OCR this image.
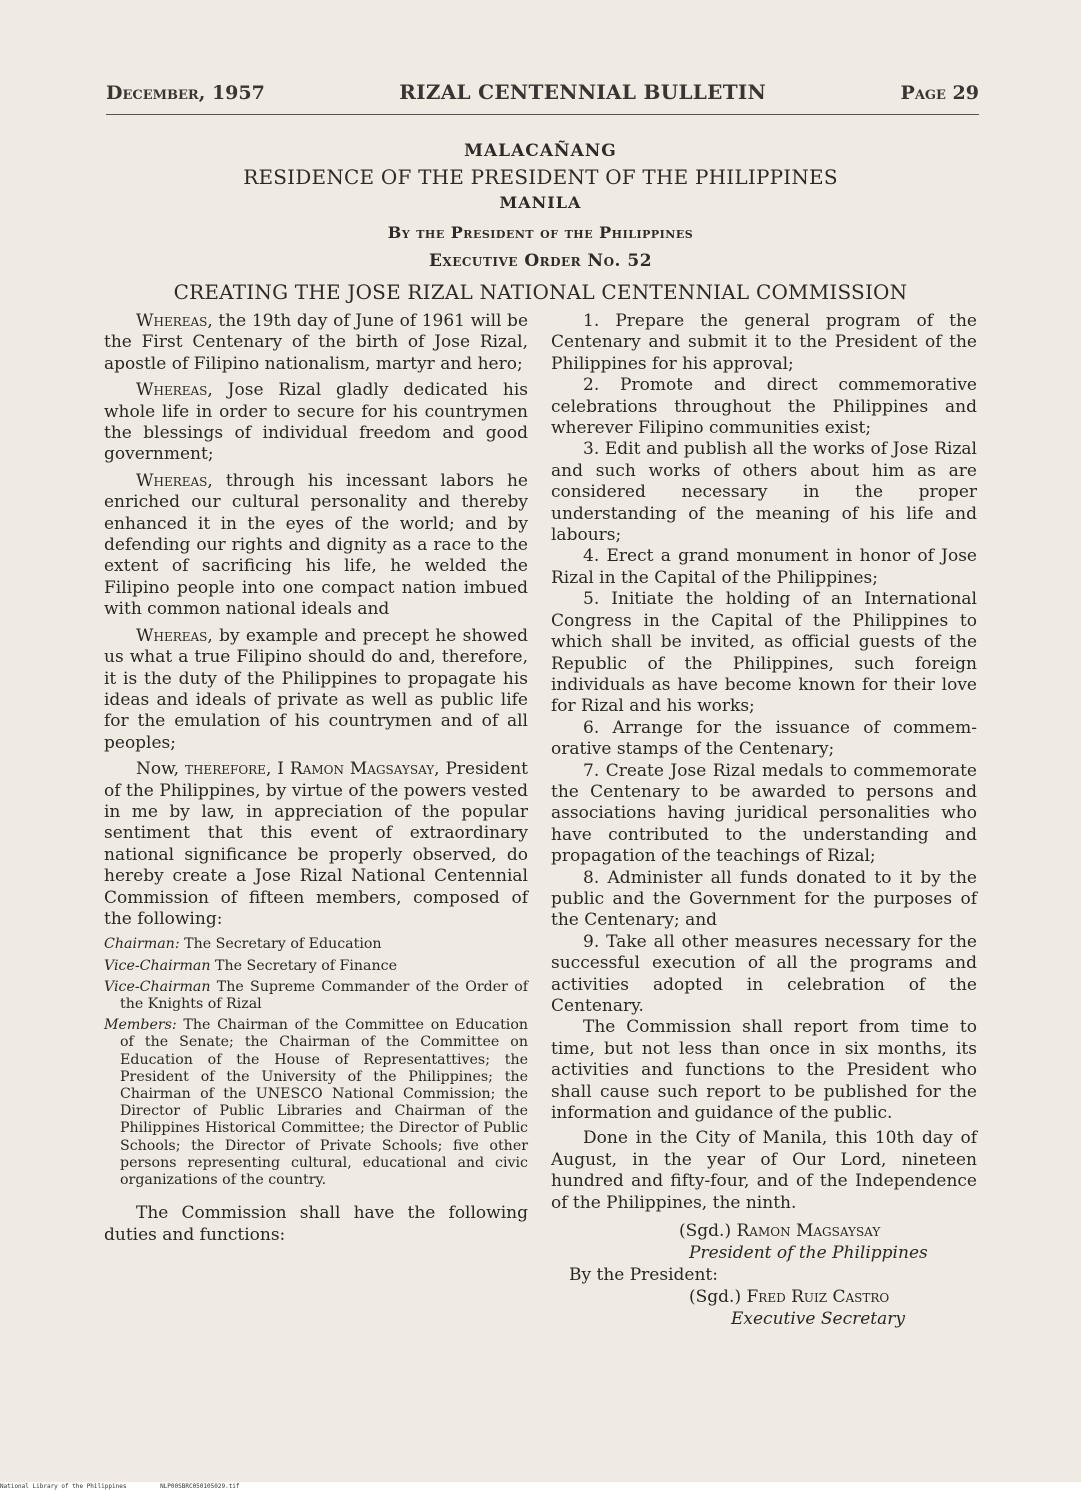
December, 1957	RIZAL CENTENNIAL BULLETIN	Page 29
MALACAÑANG
RESIDENCE OF THE PRESIDENT OF THE PHILIPPINES
MANILA
By the President of the Philippines
Executive Order No. 52
CREATING THE JOSE RIZAL NATIONAL CENTENNIAL COMMISSION

Whereas, the 19th day of June of 1961 will be the First Centenary of the birth of Jose Rizal, apostle of Filipino nationalism, martyr and hero;

Whereas, Jose Rizal gladly dedicated his whole life in order to secure for his countrymen the blessings of individual freedom and good government;

Whereas, through his incessant labors he enriched our cultural personality and thereby enhanced it in the eyes of the world; and by defending our rights and dignity as a race to the extent of sacrificing his life, he welded the Filipino people into one compact nation imbued with common national ideals and

Whereas, by example and precept he showed us what a true Filipino should do and, therefore, it is the duty of the Philippines to propagate his ideas and ideals of private as well as public life for the emulation of his countrymen and of all peoples;

Now, therefore, I Ramon Magsaysay, President of the Philippines, by virtue of the powers vested in me by law, in appreciation of the popular sentiment that this event of extraordinary national significance be properly observed, do hereby create a Jose Rizal National Centennial Commission of fifteen members, composed of the following:

Chairman: The Secretary of Education

Vice-Chairman The Secretary of Finance

Vice-Chairman The Supreme Commander of the Order of the Knights of Rizal

Members: The Chairman of the Committee on Education of the Senate; the Chairman of the Committee on Education of the House of Representattives; the President of the University of the Philippines; the Chairman of the UNESCO National Commission; the Director of Public Libraries and Chairman of the Philippines Historical Committee; the Director of Public Schools; the Director of Private Schools; five other persons representing cultural, educational and civic organizations of the country.

The Commission shall have the following duties and functions:

1. Prepare the general program of the Centenary and submit it to the President of the Philippines for his approval;

2. Promote and direct commemorative celebrations throughout the Philippines and wherever Filipino communities exist;

3. Edit and publish all the works of Jose Rizal and such works of others about him as are considered necessary in the proper understanding of the meaning of his life and labours;

4. Erect a grand monument in honor of Jose Rizal in the Capital of the Philippines;

5. Initiate the holding of an International Congress in the Capital of the Philippines to which shall be invited, as official guests of the Republic of the Philippines, such foreign individuals as have become known for their love for Rizal and his works;

6. Arrange for the issuance of commemorative stamps of the Centenary;

7. Create Jose Rizal medals to commemorate the Centenary to be awarded to persons and associations having juridical personalities who have contributed to the understanding and propagation of the teachings of Rizal;

8. Administer all funds donated to it by the public and the Government for the purposes of the Centenary; and

9. Take all other measures necessary for the successful execution of all the programs and activities adopted in celebration of the Centenary.

The Commission shall report from time to time, but not less than once in six months, its activities and functions to the President who shall cause such report to be published for the information and guidance of the public.

Done in the City of Manila, this 10th day of August, in the year of Our Lord, nineteen hundred and fifty-four, and of the Independence of the Philippines, the ninth.

(Sgd.) Ramon Magsaysay

President of the Philippines

By the President:

(Sgd.) Fred Ruiz Castro

Executive Secretary

National Library of the Philippines	NLP00SBRC050105029.tif
